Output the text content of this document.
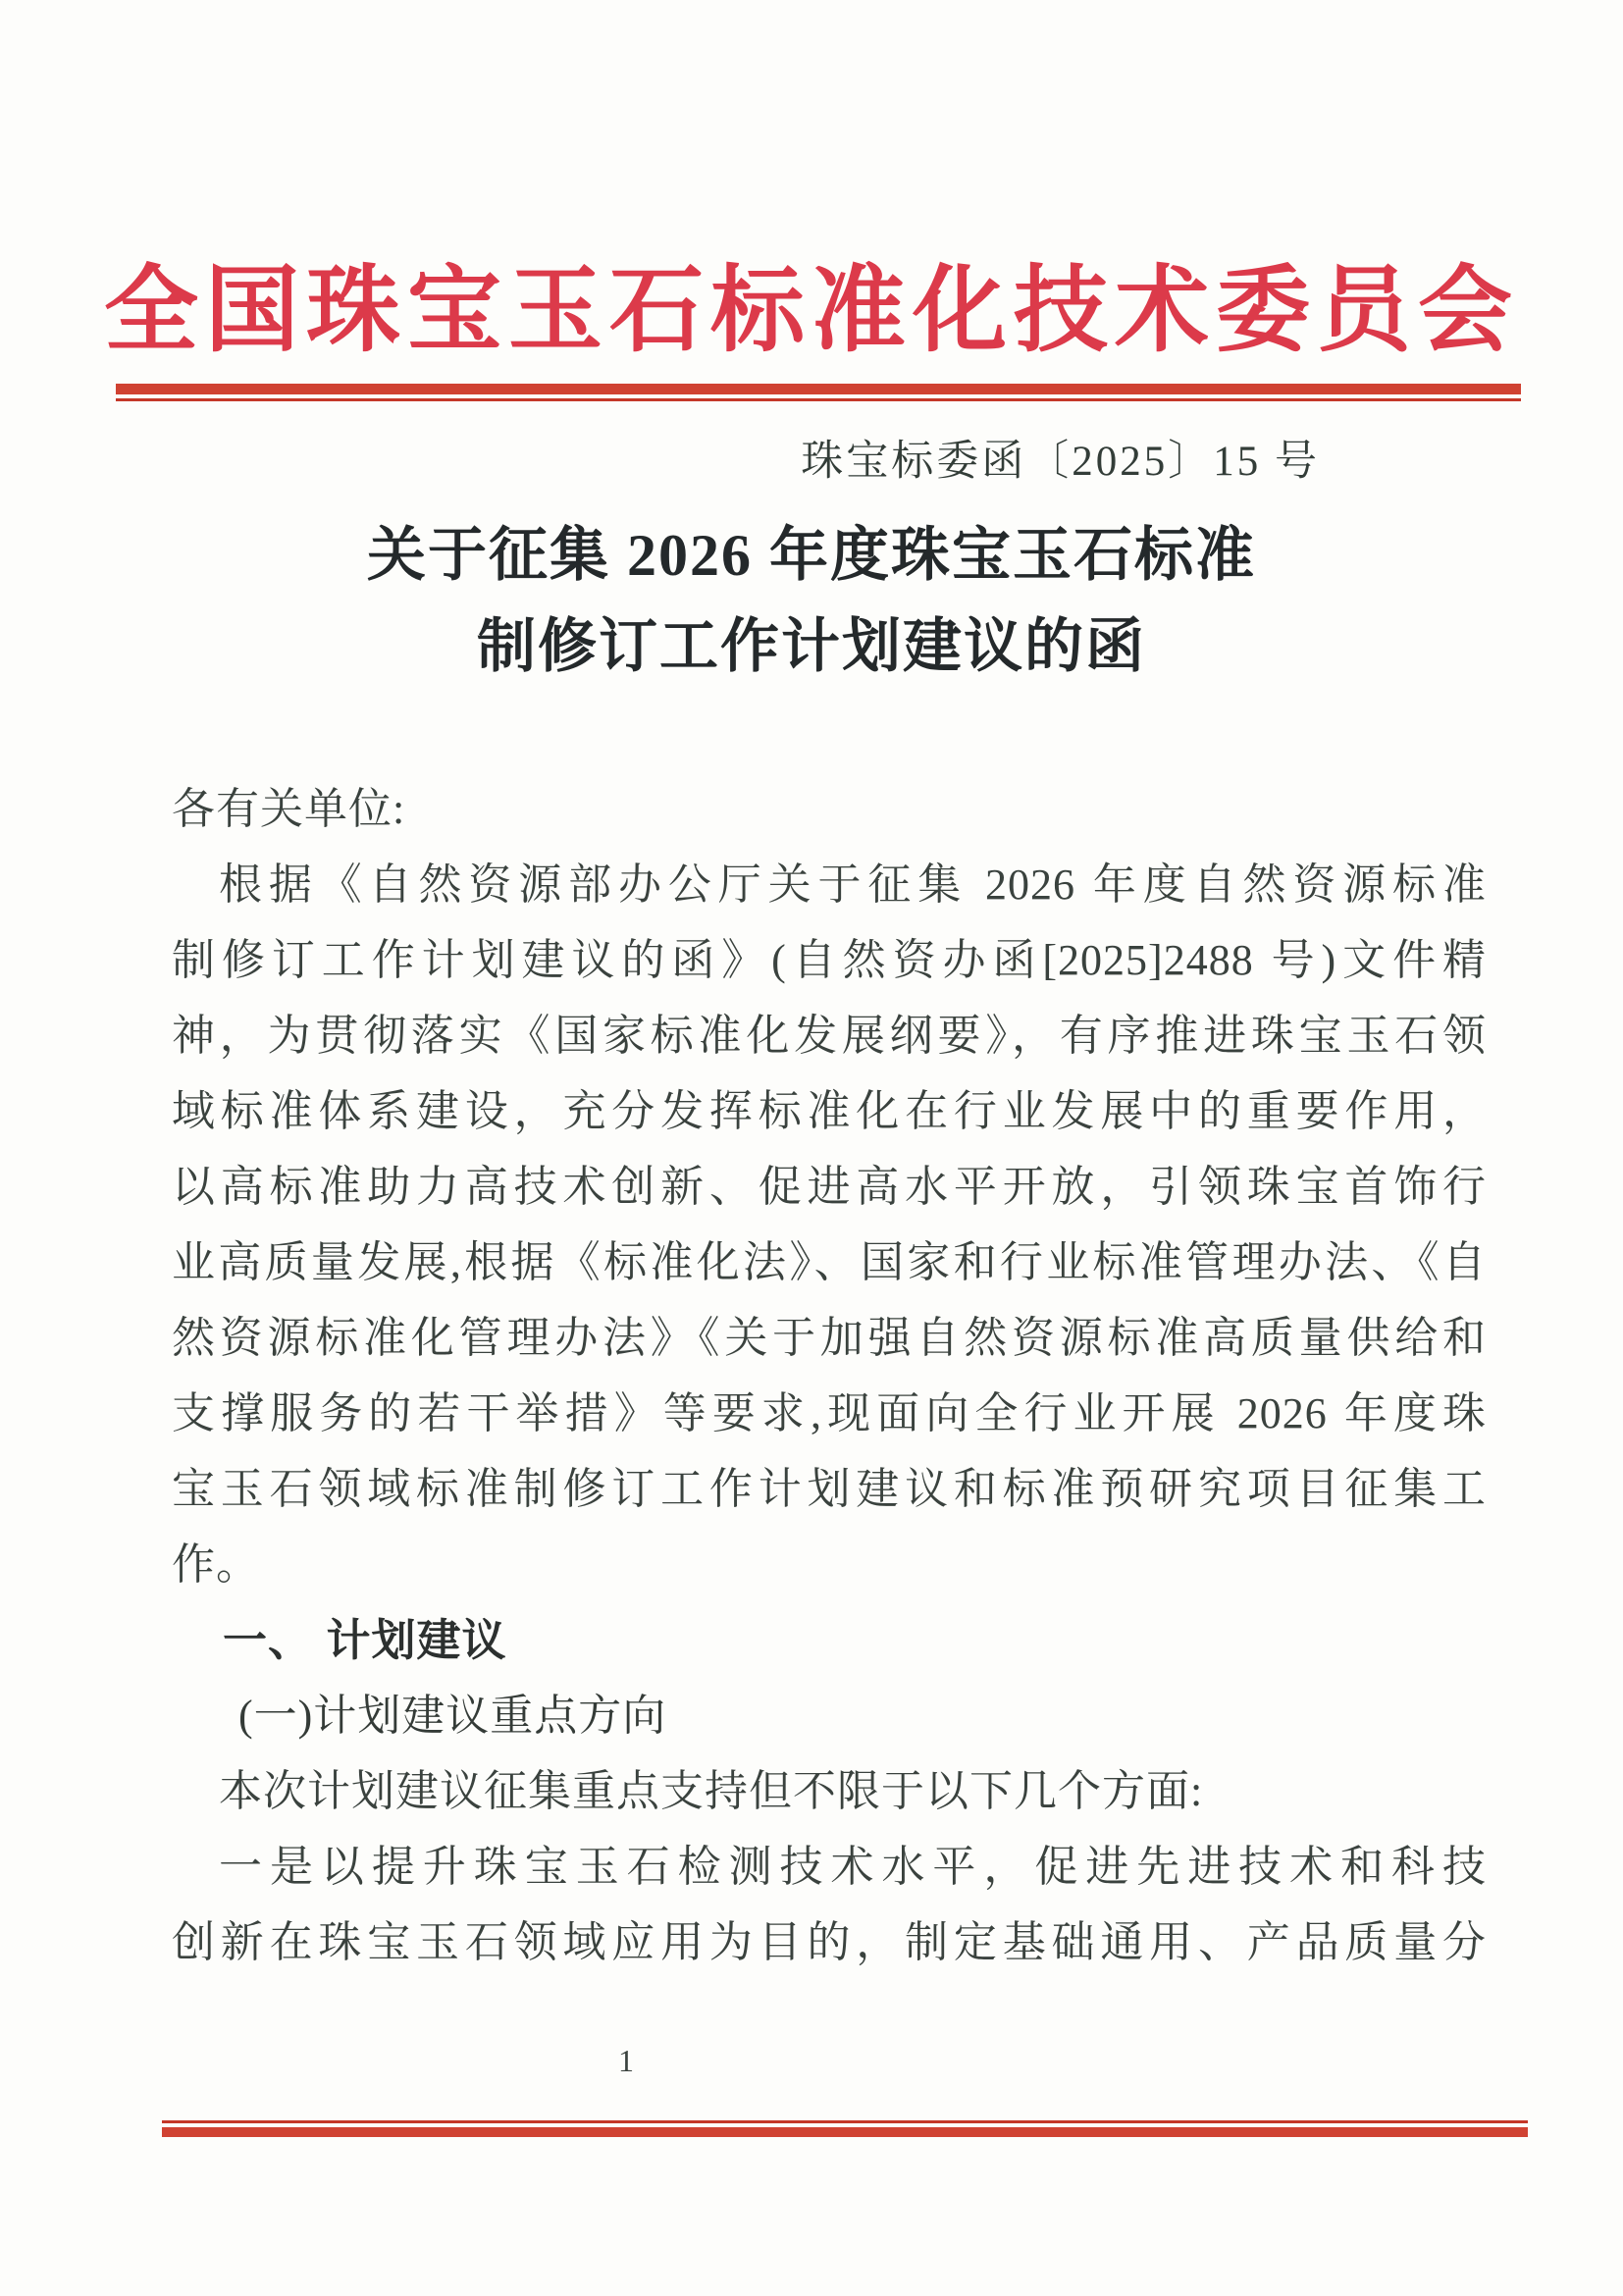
全国珠宝玉石标准化技术委员会
珠宝标委函〔2025〕15 号
关于征集 2026 年度珠宝玉石标准
制修订工作计划建议的函
各有关单位:
根据《自然资源部办公厅关于征集 2026 年度自然资源标准
制修订工作计划建议的函》(自然资办函[2025]2488 号)文件精
神，为贯彻落实《国家标准化发展纲要》，有序推进珠宝玉石领
域标准体系建设，充分发挥标准化在行业发展中的重要作用，
以高标准助力高技术创新、促进高水平开放，引领珠宝首饰行
业高质量发展,根据《标准化法》、国家和行业标准管理办法、《自
然资源标准化管理办法》《关于加强自然资源标准高质量供给和
支撑服务的若干举措》等要求,现面向全行业开展 2026 年度珠
宝玉石领域标准制修订工作计划建议和标准预研究项目征集工
作。
一、 计划建议
(一)计划建议重点方向
本次计划建议征集重点支持但不限于以下几个方面:
一是以提升珠宝玉石检测技术水平，促进先进技术和科技
创新在珠宝玉石领域应用为目的，制定基础通用、产品质量分
1
